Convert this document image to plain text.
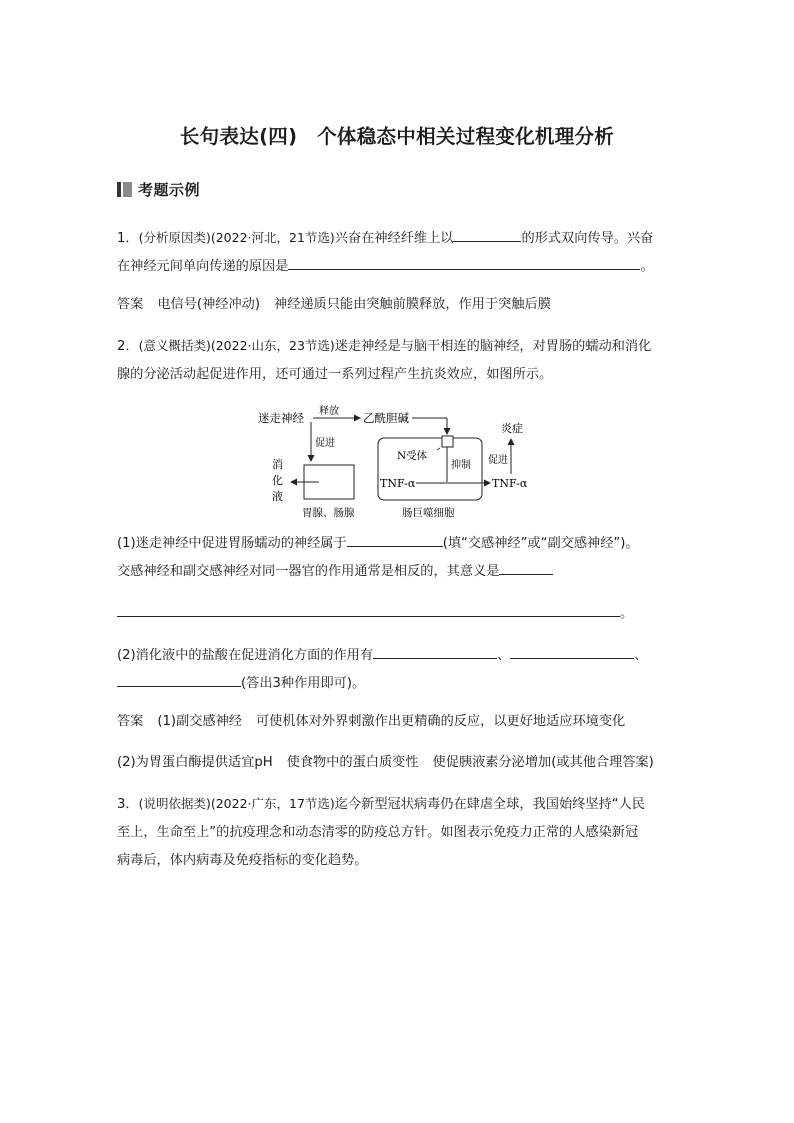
长句表达(四)　个体稳态中相关过程变化机理分析
考题示例
1．(分析原因类)(2022·河北，21节选)兴奋在神经纤维上以	的形式双向传导。兴奋
在神经元间单向传递的原因是	。
答案 电信号(神经冲动) 神经递质只能由突触前膜释放，作用于突触后膜
2．(意义概括类)(2022·山东，23节选)迷走神经是与脑干相连的脑神经，对胃肠的蠕动和消化
腺的分泌活动起促进作用，还可通过一系列过程产生抗炎效应，如图所示。
迷走神经 释放 乙酰胆碱
促进
消
化
液
胃腺、肠腺
N受体
抑制
TNF-α	TNF-α
促进
炎症
肠巨噬细胞
(1)迷走神经中促进胃肠蠕动的神经属于	(填“交感神经”或“副交感神经”)。
交感神经和副交感神经对同一器官的作用通常是相反的，其意义是
。
(2)消化液中的盐酸在促进消化方面的作用有	、	、
(答出3种作用即可)。
答案 (1)副交感神经 可使机体对外界刺激作出更精确的反应，以更好地适应环境变化
(2)为胃蛋白酶提供适宜pH 使食物中的蛋白质变性 使促胰液素分泌增加(或其他合理答案)
3．(说明依据类)(2022·广东，17节选)迄今新型冠状病毒仍在肆虐全球，我国始终坚持“人民
至上，生命至上”的抗疫理念和动态清零的防疫总方针。如图表示免疫力正常的人感染新冠
病毒后，体内病毒及免疫指标的变化趋势。
